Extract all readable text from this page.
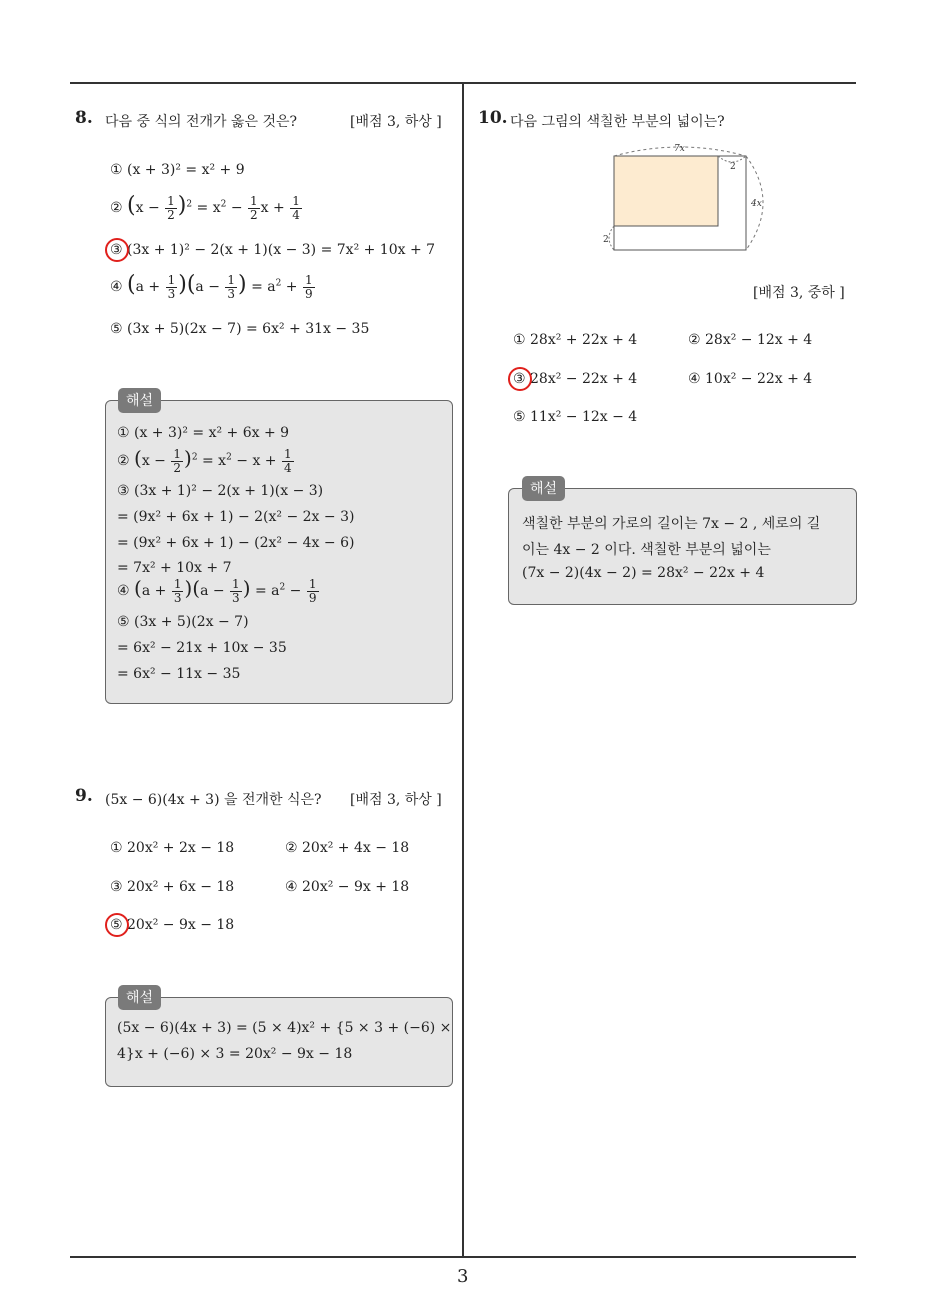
8. 다음 중 식의 전개가 옳은 것은?	[배점 3, 하상 ]
① (x + 3)² = x² + 9
② $(x - \frac{1}{2} )^2 = x^2 - \frac{1}{2}$ $x + \frac{1}{4}$
③ (3x + 1)² − 2(x + 1)(x − 3) = 7x² + 10x + 7
④ $(a + \frac{1}{3} )(a - \frac{1}{3}$ ) = $a^2 + \frac{1}{9}$
⑤ (3x + 5)(2x − 7) = 6x² + 31x − 35
해설
① (x + 3)² = x² + 6x + 9
② $(x - \frac{1}{2} )^2 = x^2 - x + \frac{1}{4}$
③ (3x + 1)² − 2(x + 1)(x − 3)
= (9x² + 6x + 1) − 2(x² − 2x − 3)
= (9x² + 6x + 1) − (2x² − 4x − 6)
= 7x² + 10x + 7
④ $(a + \frac{1}{3} )(a - \frac{1}{3}$ ) = $a^2 - \frac{1}{9}$
⑤ (3x + 5)(2x − 7)
= 6x² − 21x + 10x − 35
= 6x² − 11x − 35
9. (5x − 6)(4x + 3) 을 전개한 식은? [배점 3, 하상 ]
① 20x² + 2x − 18	② 20x² + 4x − 18
③ 20x² + 6x − 18	④ 20x² − 9x + 18
⑤ 20x² − 9x − 18
해설
(5x − 6)(4x + 3) = (5 × 4)x² + {5 × 3 + (−6) ×
4}x + (−6) × 3 = 20x² − 9x − 18
10. 다음 그림의 색칠한 부분의 넓이는?
7x
2
4x
2
[배점 3, 중하 ]
① 28x² + 22x + 4	② 28x² − 12x + 4
③ 28x² − 22x + 4	④ 10x² − 22x + 4
⑤ 11x² − 12x − 4
해설
색칠한 부분의 가로의 길이는 7x − 2 , 세로의 길
이는 4x − 2 이다. 색칠한 부분의 넓이는
(7x − 2)(4x − 2) = 28x² − 22x + 4
3
